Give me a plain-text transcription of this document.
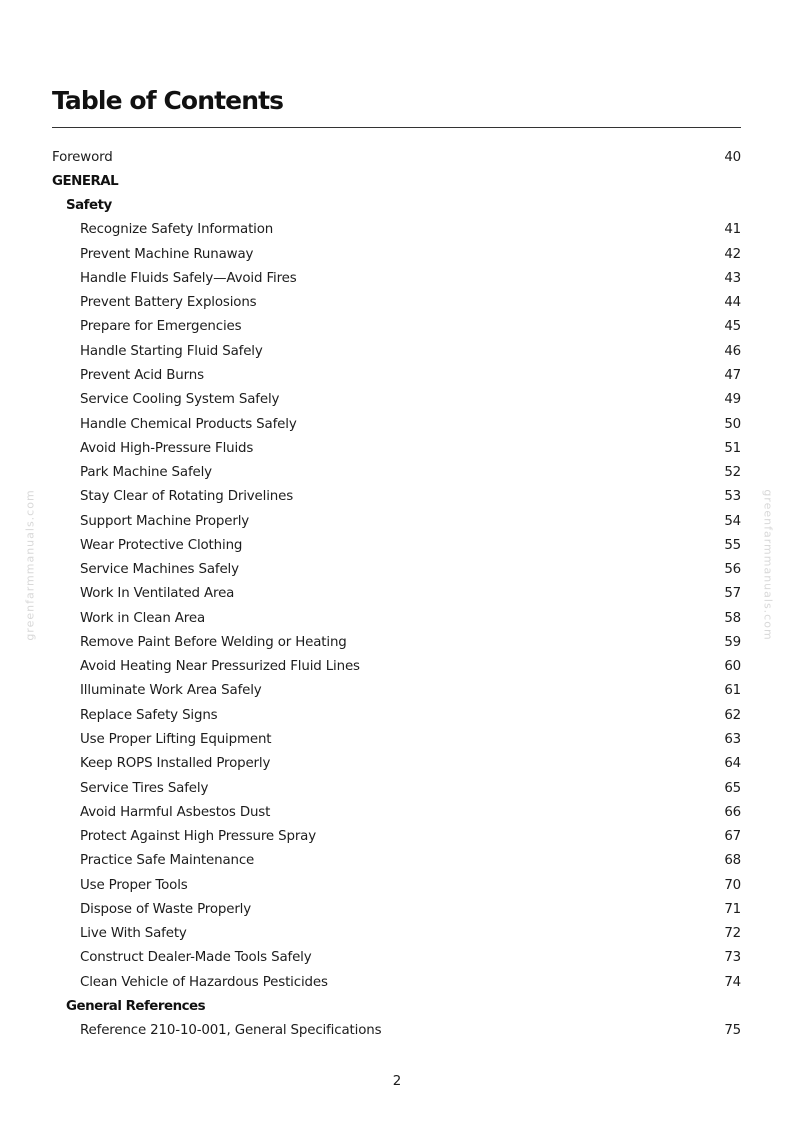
greenfarmmanuals.com	greenfarmmanuals.com
Table of Contents
Foreword	40
GENERAL
Safety
Recognize Safety Information	41
Prevent Machine Runaway	42
Handle Fluids Safely—Avoid Fires	43
Prevent Battery Explosions	44
Prepare for Emergencies	45
Handle Starting Fluid Safely	46
Prevent Acid Burns	47
Service Cooling System Safely	49
Handle Chemical Products Safely	50
Avoid High-Pressure Fluids	51
Park Machine Safely	52
Stay Clear of Rotating Drivelines	53
Support Machine Properly	54
Wear Protective Clothing	55
Service Machines Safely	56
Work In Ventilated Area	57
Work in Clean Area	58
Remove Paint Before Welding or Heating	59
Avoid Heating Near Pressurized Fluid Lines	60
Illuminate Work Area Safely	61
Replace Safety Signs	62
Use Proper Lifting Equipment	63
Keep ROPS Installed Properly	64
Service Tires Safely	65
Avoid Harmful Asbestos Dust	66
Protect Against High Pressure Spray	67
Practice Safe Maintenance	68
Use Proper Tools	70
Dispose of Waste Properly	71
Live With Safety	72
Construct Dealer-Made Tools Safely	73
Clean Vehicle of Hazardous Pesticides	74
General References
Reference 210-10-001, General Specifications	75
2
